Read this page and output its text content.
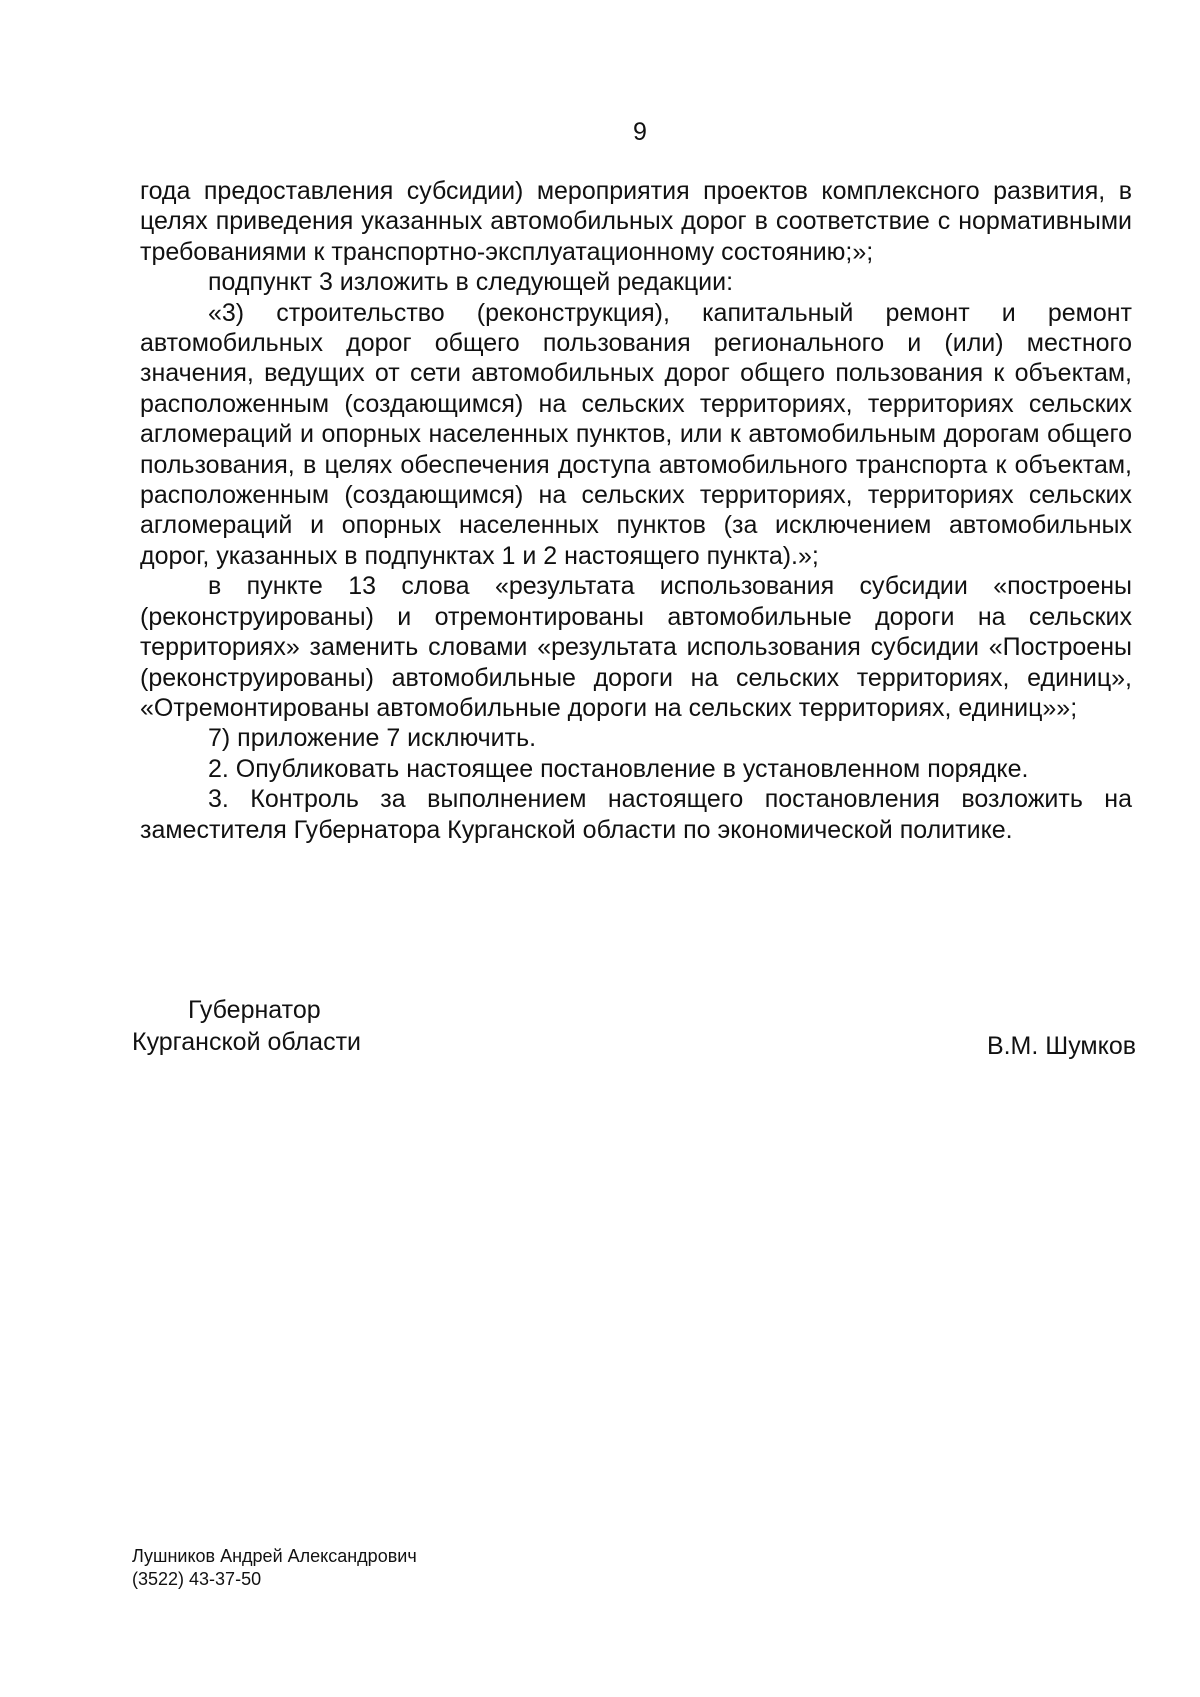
9

года предоставления субсидии) мероприятия проектов комплексного развития, в целях приведения указанных автомобильных дорог в соответствие с нормативными требованиями к транспортно-эксплуатационному состоянию;»;

подпункт 3 изложить в следующей редакции:

«3) строительство (реконструкция), капитальный ремонт и ремонт автомобильных дорог общего пользования регионального и (или) местного значения, ведущих от сети автомобильных дорог общего пользования к объектам, расположенным (создающимся) на сельских территориях, территориях сельских агломераций и опорных населенных пунктов, или к автомобильным дорогам общего пользования, в целях обеспечения доступа автомобильного транспорта к объектам, расположенным (создающимся) на сельских территориях, территориях сельских агломераций и опорных населенных пунктов (за исключением автомобильных дорог, указанных в подпунктах 1 и 2 настоящего пункта).»;

в пункте 13 слова «результата использования субсидии «построены (реконструированы) и отремонтированы автомобильные дороги на сельских территориях» заменить словами «результата использования субсидии «Построены (реконструированы) автомобильные дороги на сельских территориях, единиц», «Отремонтированы автомобильные дороги на сельских территориях, единиц»»;

7) приложение 7 исключить.

2. Опубликовать настоящее постановление в установленном порядке.

3. Контроль за выполнением настоящего постановления возложить на заместителя Губернатора Курганской области по экономической политике.

Губернатор
Курганской области	В.М. Шумков
Лушников Андрей Александрович
(3522) 43-37-50
